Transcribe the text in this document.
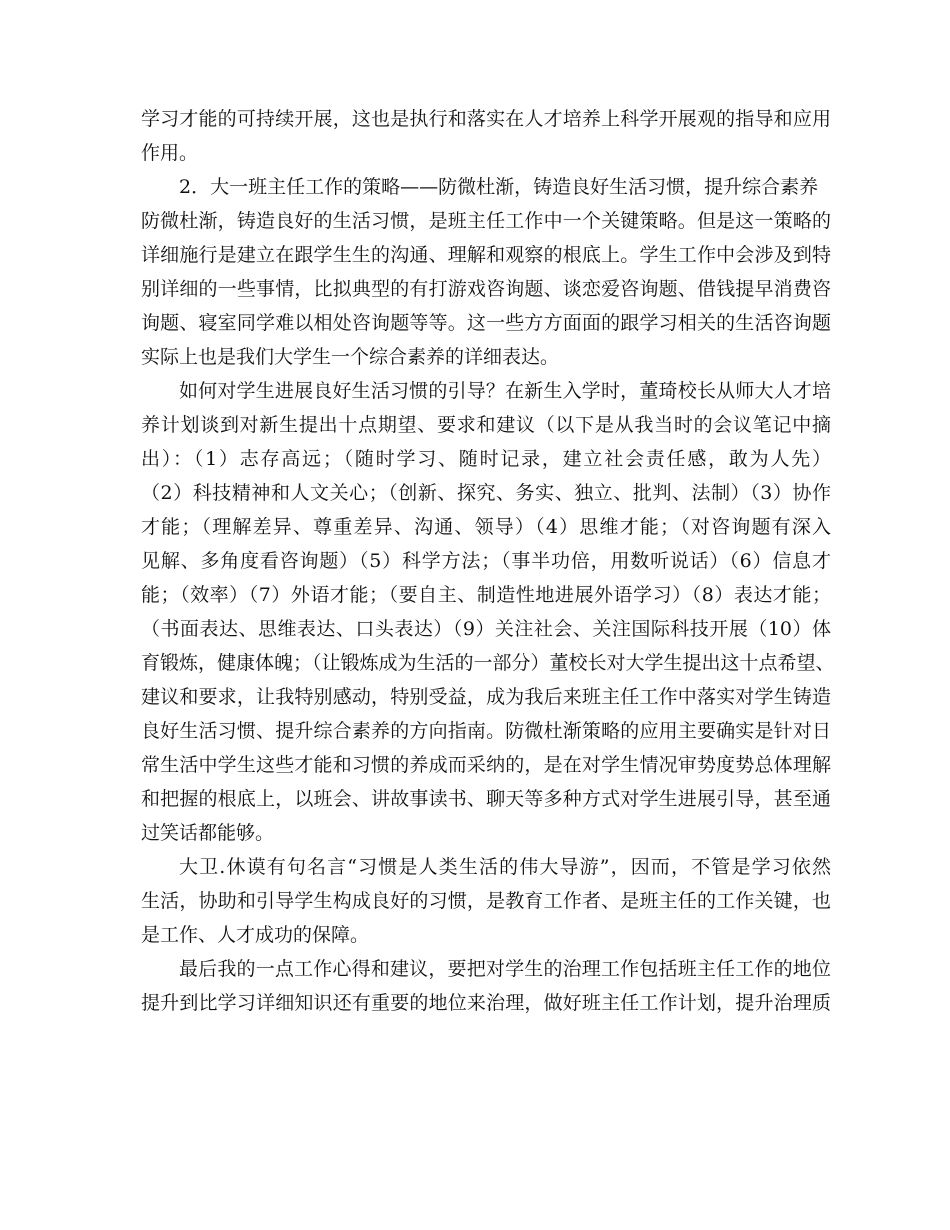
学习才能的可持续开展，这也是执行和落实在人才培养上科学开展观的指导和应用
作用。
2．大一班主任工作的策略——防微杜渐，铸造良好生活习惯，提升综合素养
防微杜渐，铸造良好的生活习惯，是班主任工作中一个关键策略。但是这一策略的
详细施行是建立在跟学生生的沟通、理解和观察的根底上。学生工作中会涉及到特
别详细的一些事情，比拟典型的有打游戏咨询题、谈恋爱咨询题、借钱提早消费咨
询题、寝室同学难以相处咨询题等等。这一些方方面面的跟学习相关的生活咨询题
实际上也是我们大学生一个综合素养的详细表达。
如何对学生进展良好生活习惯的引导？在新生入学时，董琦校长从师大人才培
养计划谈到对新生提出十点期望、要求和建议（以下是从我当时的会议笔记中摘
出）：（1）志存高远；（随时学习、随时记录，建立社会责任感，敢为人先）
（2）科技精神和人文关心；（创新、探究、务实、独立、批判、法制）（3）协作
才能；（理解差异、尊重差异、沟通、领导）（4）思维才能；（对咨询题有深入
见解、多角度看咨询题）（5）科学方法；（事半功倍，用数听说话）（6）信息才
能；（效率）（7）外语才能；（要自主、制造性地进展外语学习）（8）表达才能；
（书面表达、思维表达、口头表达）（9）关注社会、关注国际科技开展（10）体
育锻炼，健康体魄；（让锻炼成为生活的一部分）董校长对大学生提出这十点希望、
建议和要求，让我特别感动，特别受益，成为我后来班主任工作中落实对学生铸造
良好生活习惯、提升综合素养的方向指南。防微杜渐策略的应用主要确实是针对日
常生活中学生这些才能和习惯的养成而采纳的，是在对学生情况审势度势总体理解
和把握的根底上，以班会、讲故事读书、聊天等多种方式对学生进展引导，甚至通
过笑话都能够。
大卫.休谟有句名言“习惯是人类生活的伟大导游”，因而，不管是学习依然
生活，协助和引导学生构成良好的习惯，是教育工作者、是班主任的工作关键，也
是工作、人才成功的保障。
最后我的一点工作心得和建议，要把对学生的治理工作包括班主任工作的地位
提升到比学习详细知识还有重要的地位来治理，做好班主任工作计划，提升治理质
